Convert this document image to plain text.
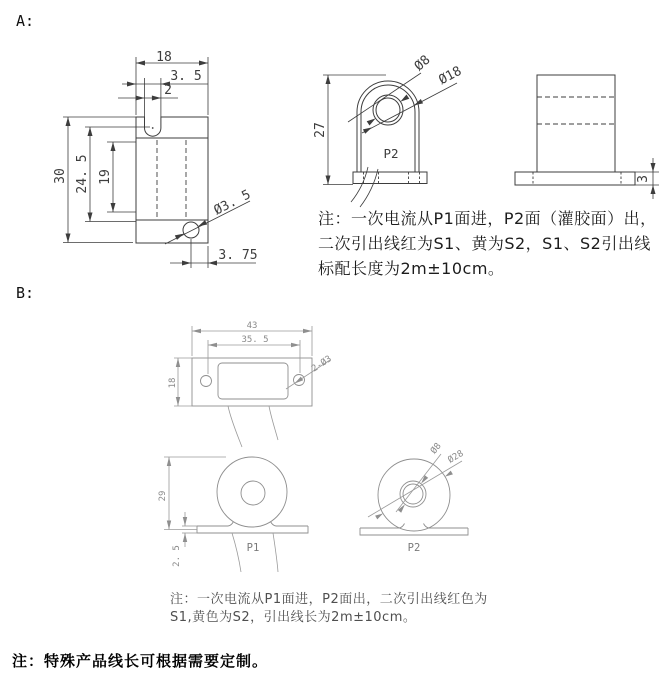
A:
B:
18
3. 5
2
30 24. 5 19
Ø3. 5
3. 75
P2
27
Ø8
Ø18
3
43
35. 5
18
2-Ø3
P1
29
2. 5	P2
Ø8
Ø28
注：一次电流从P1面进，P2面（灌胶面）出，
二次引出线红为S1、黄为S2，S1、S2引出线
标配长度为2m±10cm。
注：一次电流从P1面进，P2面出，二次引出线红色为
S1,黄色为S2，引出线长为2m±10cm。
注：特殊产品线长可根据需要定制。
